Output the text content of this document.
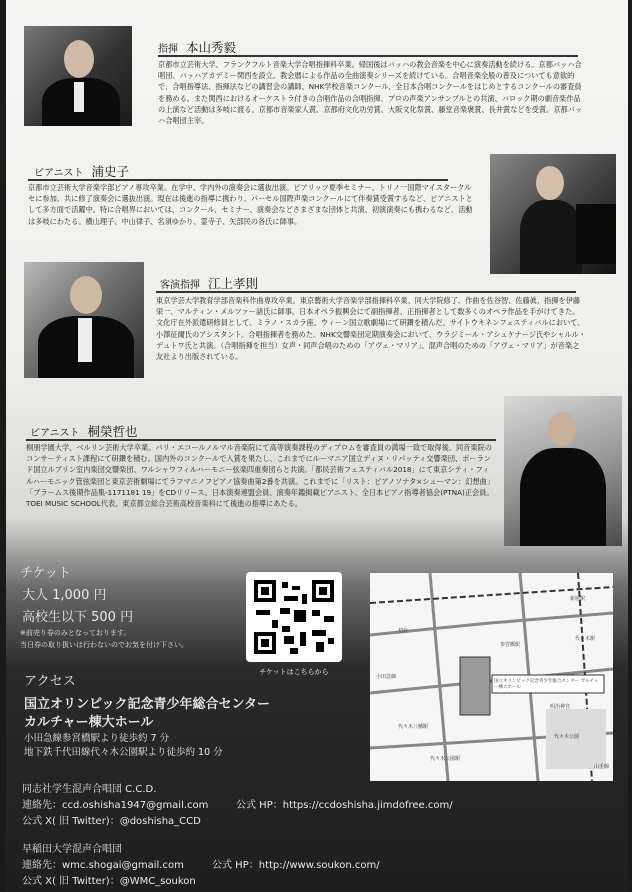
指揮 本山秀毅

京都市立芸術大学、フランクフルト音楽大学合唱指揮科卒業。帰国後はバッハの教会音楽を中心に演奏活動を続ける。京都バッハ合唱団、バッハアカデミー関西を設立。教会暦による作品の全曲演奏シリーズを続けている。合唱音楽全般の普及についても意欲的で、合唱指導法、指揮法などの講習会の講師、NHK学校音楽コンクール、全日本合唱コンクールをはじめとするコンクールの審査員を務める。また関西におけるオーケストラ付きの合唱作品の合唱指揮、プロの声楽アンサンブルとの共演、バロック期の劇音楽作品の上演など活動は多岐に渡る。京都市音楽家人賞、京都府文化功労賞、大阪文化祭賞、藤堂音楽褒賞、長井賞などを受賞。京都バッハ合唱団主宰。

ピアニスト 浦史子

京都市立芸術大学音楽学部ピアノ専攻卒業。在学中、学内外の演奏会に選抜出演。ピアリッツ夏季セミナー、トリノ一国際マイスタークルセに参加。共に修了演奏会に選抜出演。現在は後進の指導に携わり、パーセル国際声楽コンクールにて伴奏賞受賞するなど、ピアニストとして多方面で活躍中。特に合唱界においては、コンクール、セミナー、演奏会などさまざまな団体と共演、初演演奏にも携わるなど、活動は多岐にわたる。横山理子、中山律子、名須ゆかり、霊寺子、矢部民の各氏に師事。

客演指揮 江上孝則

東京学芸大学教育学部音楽科作曲専攻卒業。東京藝術大学音楽学部指揮科卒業、同大学院修了。作曲を佐谷智、佐藤眞、指揮を伊藤栄一、マルティン・メルツァー諸氏に師事。日本オペラ振興会にて副指揮者、正指揮者として数多くのオペラ作品を手がけてきた。文化庁在外派遣研修員として、ミラノ・スカラ座、ウィーン国立歌劇場にて研鑽を積んだ。サイトウキネンフェスティバルにおいて、小澤征爾氏のアシスタント。合唱指揮者を務めた。NHK交響楽団定期演奏会において、ウラジミール・アシュケナージ氏やシャルル・デュトワ氏と共演。（合唱指揮を担当）女声・同声合唱のための「アヴェ・マリア」、混声合唱のための「アヴェ・マリア」が音楽之友社より出版されている。

ピアニスト 桐榮哲也

桐朋学園大学、ベルリン芸術大学卒業。パリ・エコールノルマル音楽院にて高等演奏課程のディプロムを審査員の満場一致で取得後、同音楽院のコンサーティスト課程にて研鑽を積む。国内外のコンクールで入賞を果たし、これまでにルーマニア国立ディヌ・リパッティ交響楽団、ポーランド国立ルブリン室内楽団交響楽団、ワルシャワフィルハーモニー弦楽四重奏団らと共演。「都民芸術フェスティバル2018」にて東京シティ・フィルハーモニック管弦楽団と東京芸術劇場にてラフマニノフピアノ協奏曲第2番を共演。これまでに「リスト：ピアノソナタ×シューマン：幻想曲」「ブラームス後期作品集-1171181 19」をCDリリース。日本演奏連盟会員、演奏年鑑掲載ピアニスト、全日本ピアノ指導者協会(PTNA)正会員。TOEI MUSIC SCHOOL代表。東京都立総合芸術高校音楽科にて後進の指導にあたる。

チケット
大人 1,000 円
高校生以下 500 円
※前売り券のみとなっております。
当日券の取り扱いは行わないのでお気を付け下さい。
チケットはこちらから
アクセス
国立オリンピック記念青少年総合センター
カルチャー棟大ホール
小田急線参宮橋駅より徒歩約 7 分
地下鉄千代田線代々木公園駅より徒歩約 10 分
国立オリンピック記念青少年総合センター カルチャー棟大ホール
新宿駅
初台
代々木公園
参宮橋駅
代々木駅
明治神宮
代々木公園駅
代々木八幡駅
小田急線
山手線
同志社学生混声合唱団 C.C.D.
連絡先：ccd.oshisha1947@gmail.com	公式 HP：https://ccdoshisha.jimdofree.com/
公式 X( 旧 Twitter)：@doshisha_CCD
早稲田大学混声合唱団
連絡先：wmc.shogai@gmail.com	公式 HP：http://www.soukon.com/
公式 X( 旧 Twitter)：@WMC_soukon
